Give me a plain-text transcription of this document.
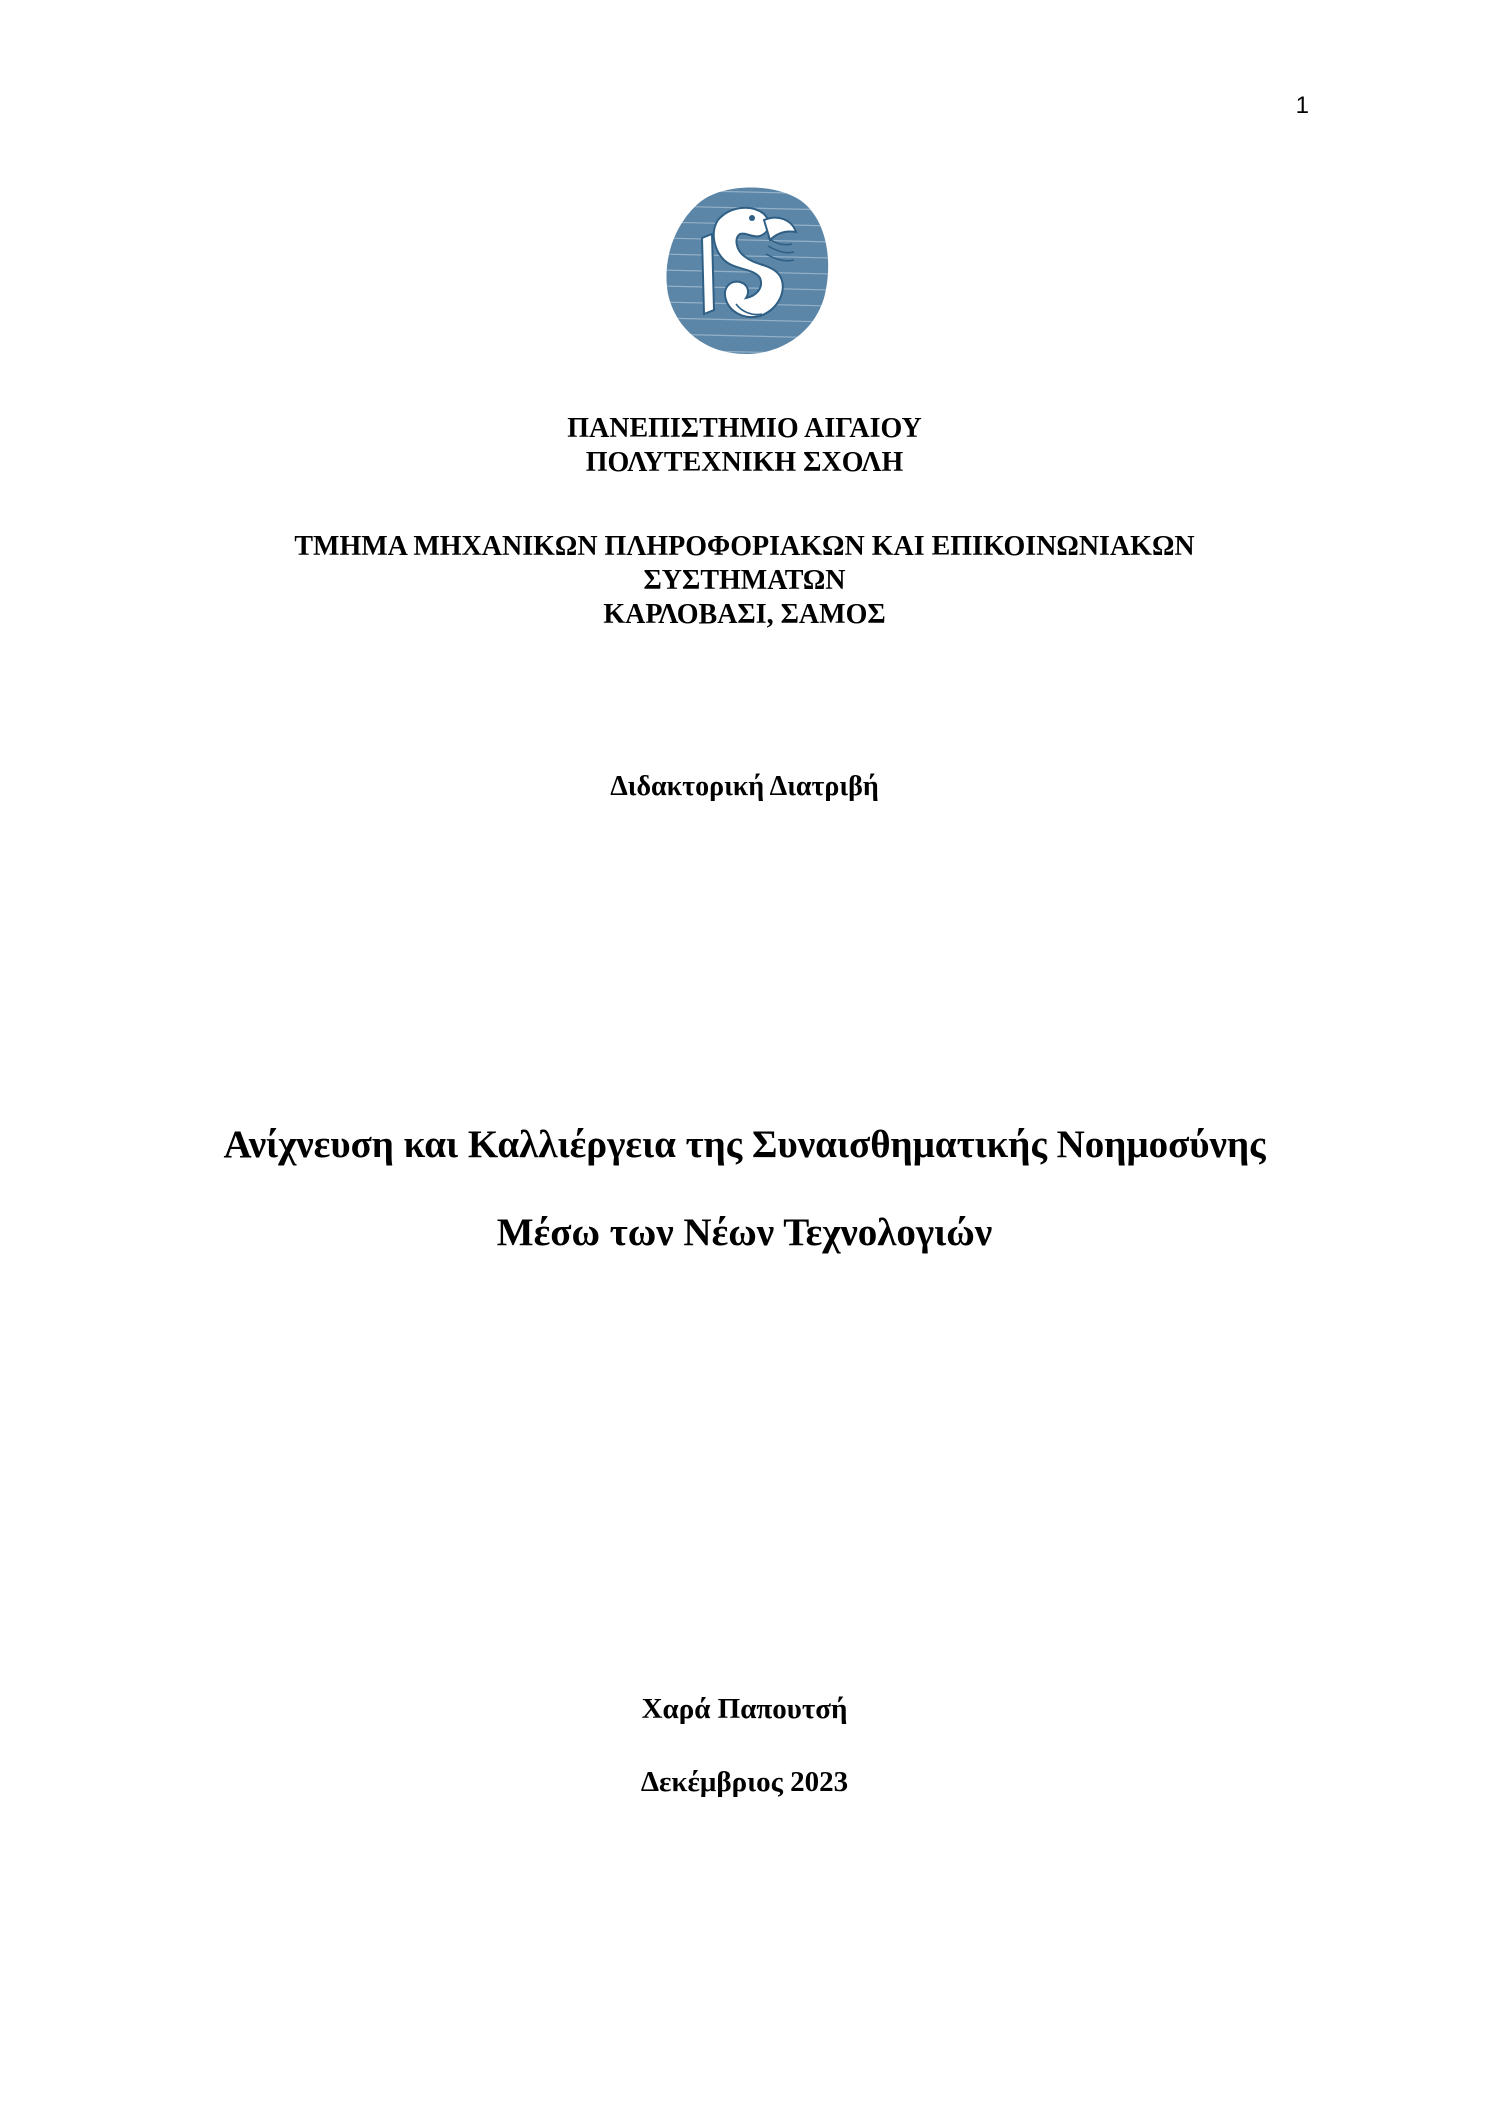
1
ΠΑΝΕΠΙΣΤΗΜΙΟ ΑΙΓΑΙΟΥ
ΠΟΛΥΤΕΧΝΙΚΗ ΣΧΟΛΗ
ΤΜΗΜΑ ΜΗΧΑΝΙΚΩΝ ΠΛΗΡΟΦΟΡΙΑΚΩΝ ΚΑΙ ΕΠΙΚΟΙΝΩΝΙΑΚΩΝ
ΣΥΣΤΗΜΑΤΩΝ
ΚΑΡΛΟΒΑΣΙ, ΣΑΜΟΣ
Διδακτορική Διατριβή
Ανίχνευση και Καλλιέργεια της Συναισθηματικής Νοημοσύνης
Μέσω των Νέων Τεχνολογιών
Χαρά Παπουτσή
Δεκέμβριος 2023
